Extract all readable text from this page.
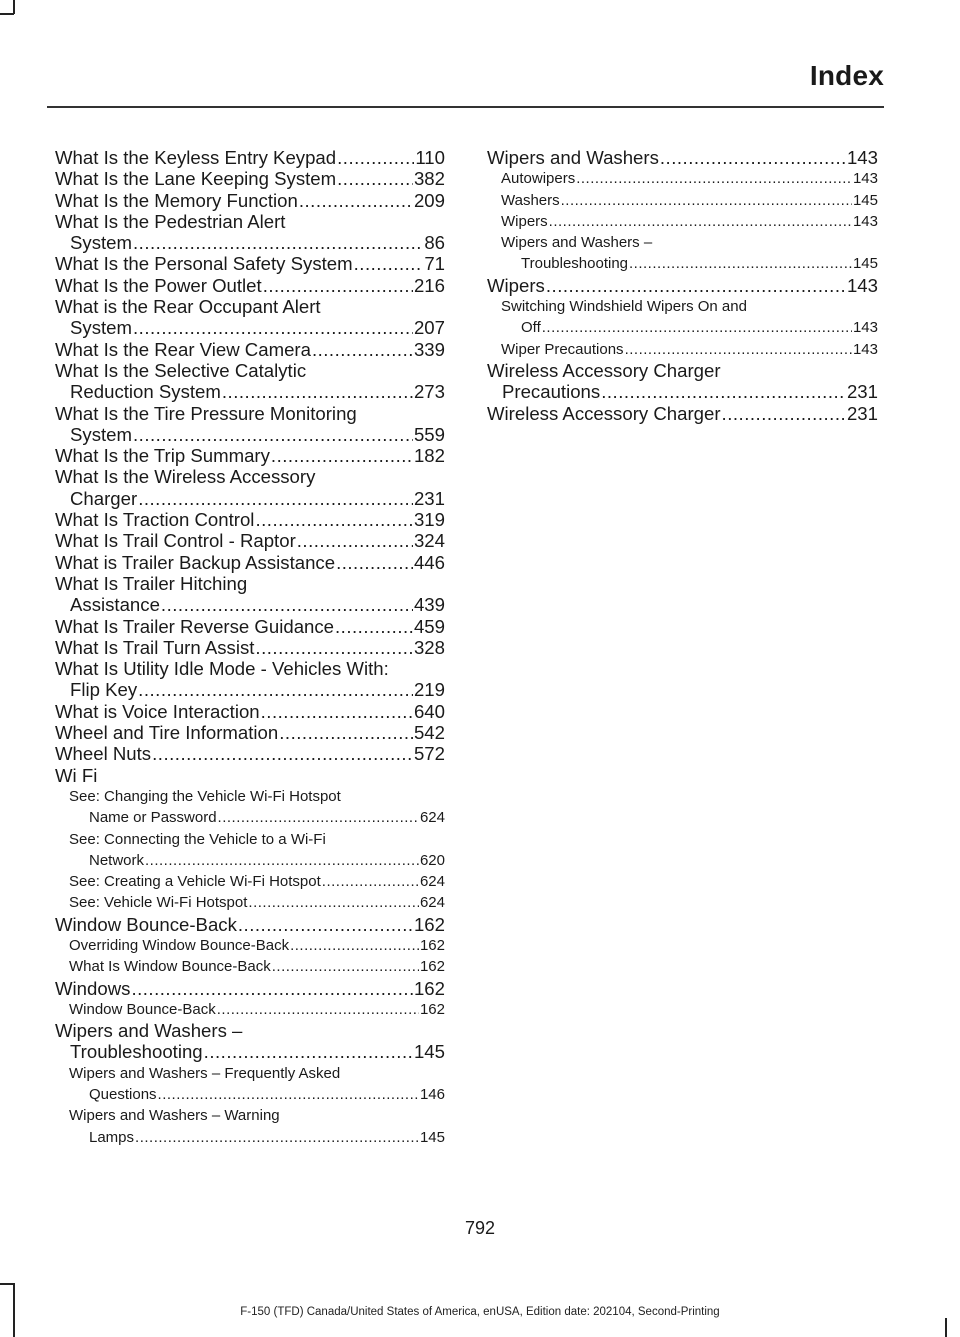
Index
What Is the Keyless Entry Keypad .....	110
What Is the Lane Keeping System .....	382
What Is the Memory Function .....	209
What Is the Pedestrian Alert
System .....	86
What Is the Personal Safety System .....	71
What Is the Power Outlet .....	216
What is the Rear Occupant Alert
System .....	207
What Is the Rear View Camera .....	339
What Is the Selective Catalytic
Reduction System .....	273
What Is the Tire Pressure Monitoring
System .....	559
What Is the Trip Summary .....	182
What Is the Wireless Accessory
Charger .....	231
What Is Traction Control .....	319
What Is Trail Control - Raptor .....	324
What is Trailer Backup Assistance .....	446
What Is Trailer Hitching
Assistance .....	439
What Is Trailer Reverse Guidance .....	459
What Is Trail Turn Assist .....	328
What Is Utility Idle Mode - Vehicles With:
Flip Key .....	219
What is Voice Interaction .....	640
Wheel and Tire Information .....	542
Wheel Nuts .....	572
Wi Fi
See: Changing the Vehicle Wi-Fi Hotspot
Name or Password .....	624
See: Connecting the Vehicle to a Wi-Fi
Network .....	620
See: Creating a Vehicle Wi-Fi Hotspot .....	624
See: Vehicle Wi-Fi Hotspot .....	624
Window Bounce-Back .....	162
Overriding Window Bounce-Back .....	162
What Is Window Bounce-Back .....	162
Windows .....	162
Window Bounce-Back .....	162
Wipers and Washers –
Troubleshooting .....	145
Wipers and Washers – Frequently Asked
Questions .....	146
Wipers and Washers – Warning
Lamps .....	145
Wipers and Washers .....	143
Autowipers .....	143
Washers .....	145
Wipers .....	143
Wipers and Washers –
Troubleshooting .....	145
Wipers .....	143
Switching Windshield Wipers On and
Off .....	143
Wiper Precautions .....	143
Wireless Accessory Charger
Precautions .....	231
Wireless Accessory Charger .....	231
792
F-150 (TFD) Canada/United States of America, enUSA, Edition date: 202104, Second-Printing
